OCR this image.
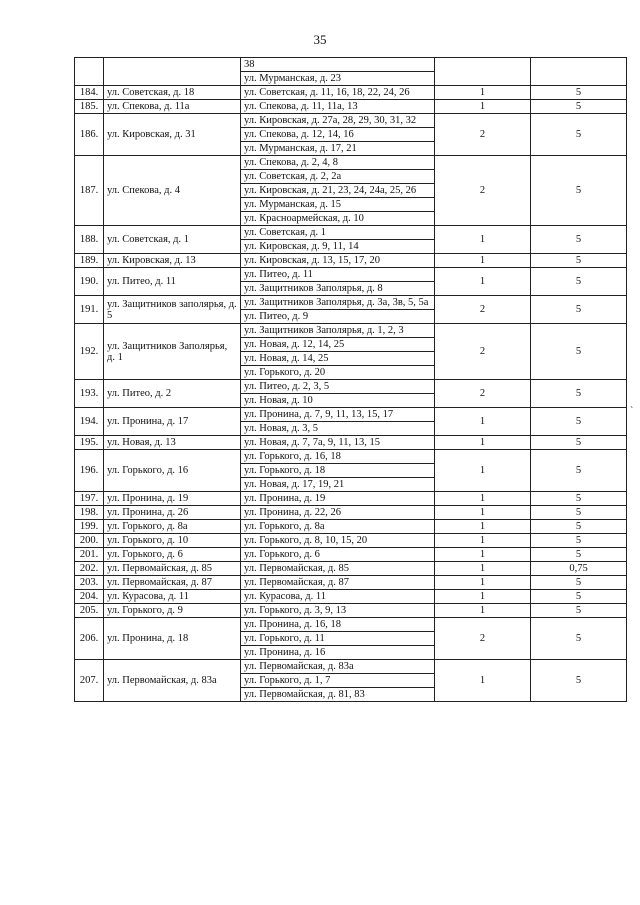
35
		38		
		ул. Мурманская, д. 23		
184.	ул. Советская, д. 18	ул. Советская, д. 11, 16, 18, 22, 24, 26	1	5
185.	ул. Спекова, д. 11а	ул. Спекова, д. 11, 11а, 13	1	5
186.	ул. Кировская, д. 31	ул. Кировская, д. 27а, 28, 29, 30, 31, 32	2	5
		ул. Спекова, д. 12, 14, 16		
		ул. Мурманская, д. 17, 21		
187.	ул. Спекова, д. 4	ул. Спекова, д. 2, 4, 8	2	5
		ул. Советская, д. 2, 2а		
		ул. Кировская, д. 21, 23, 24, 24а, 25, 26		
		ул. Мурманская, д. 15		
		ул. Красноармейская, д. 10		
188.	ул. Советская, д. 1	ул. Советская, д. 1	1	5
		ул. Кировская, д. 9, 11, 14		
189.	ул. Кировская, д. 13	ул. Кировская, д. 13, 15, 17, 20	1	5
190.	ул. Питео, д. 11	ул. Питео, д. 11	1	5
		ул. Защитников Заполярья, д. 8		
191.	ул. Защитников заполярья, д. 5	ул. Защитников Заполярья, д. 3а, 3в, 5, 5а	2	5
		ул. Питео, д. 9		
192.	ул. Защитников Заполярья, д. 1	ул. Защитников Заполярья, д. 1, 2, 3	2	5
		ул. Новая, д. 12, 14, 25		
		ул. Новая, д. 14, 25		
		ул. Горького, д. 20		
193.	ул. Питео, д. 2	ул. Питео, д. 2, 3, 5	2	5
		ул. Новая, д. 10		
194.	ул. Пронина, д. 17	ул. Пронина, д. 7, 9, 11, 13, 15, 17	1	5
		ул. Новая, д. 3, 5		
195.	ул. Новая, д. 13	ул. Новая, д. 7, 7а, 9, 11, 13, 15	1	5
196.	ул. Горького, д. 16	ул. Горького, д. 16, 18	1	5
		ул. Горького, д. 18		
		ул. Новая, д. 17, 19, 21		
197.	ул. Пронина, д. 19	ул. Пронина, д. 19	1	5
198.	ул. Пронина, д. 26	ул. Пронина, д. 22, 26	1	5
199.	ул. Горького, д. 8а	ул. Горького, д. 8а	1	5
200.	ул. Горького, д. 10	ул. Горького, д. 8, 10, 15, 20	1	5
201.	ул. Горького, д. 6	ул. Горького, д. 6	1	5
202.	ул. Первомайская, д. 85	ул. Первомайская, д. 85	1	0,75
203.	ул. Первомайская, д. 87	ул. Первомайская, д. 87	1	5
204.	ул. Курасова, д. 11	ул. Курасова, д. 11	1	5
205.	ул. Горького, д. 9	ул. Горького, д. 3, 9, 13	1	5
206.	ул. Пронина, д. 18	ул. Пронина, д. 16, 18	2	5
		ул. Горького, д. 11		
		ул. Пронина, д. 16		
207.	ул. Первомайская, д. 83а	ул. Первомайская, д. 83а	1	5
		ул. Горького, д. 1, 7		
		ул. Первомайская, д. 81, 83		
`
